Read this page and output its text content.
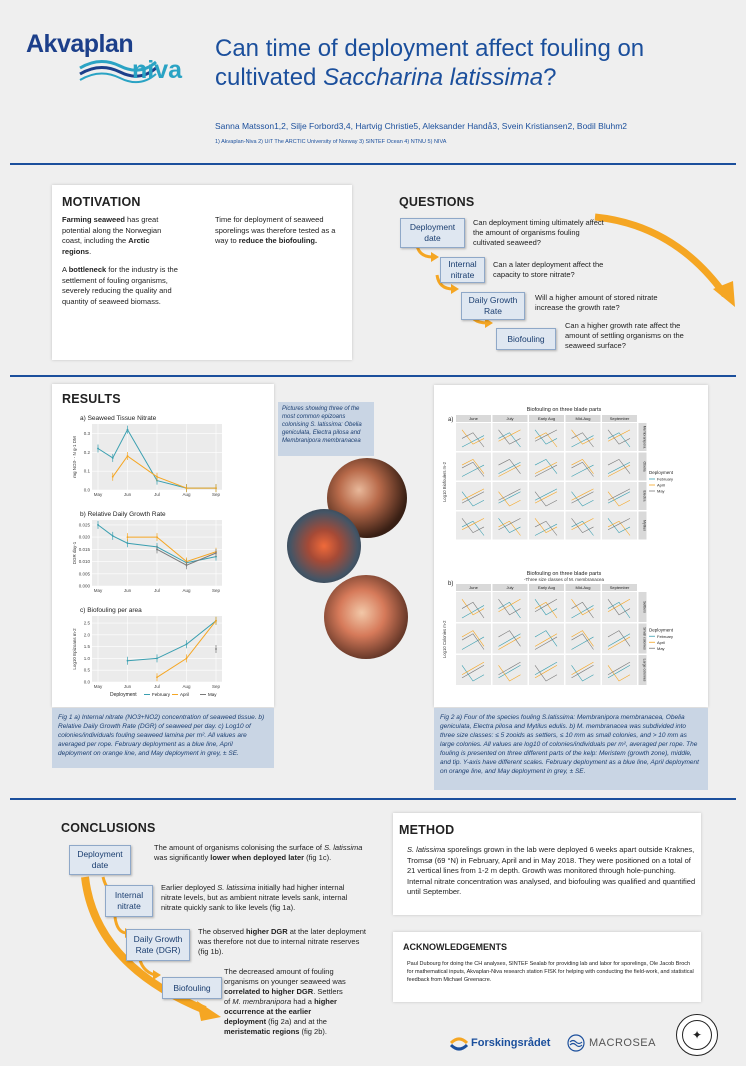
Akvaplan
niva
Can time of deployment affect fouling on
cultivated Saccharina latissima?
Sanna Matsson1,2, Silje Forbord3,4, Hartvig Christie5, Aleksander Handå3, Svein Kristiansen2, Bodil Bluhm2
1) Akvaplan-Niva 2) UiT The ARCTIC University of Norway 3) SINTEF Ocean 4) NTNU 5) NIVA
MOTIVATION

Farming seaweed has great potential along the Norwegian coast, including the Arctic regions.

A bottleneck for the industry is the settlement of fouling organisms, severely reducing the quality and quantity of seaweed biomass.

Time for deployment of seaweed sporelings was therefore tested as a way to reduce the biofouling.
QUESTIONS
Deployment date
Can deployment timing ultimately affect the amount of organisms fouling cultivated seaweed?
Internal nitrate
Can a later deployment affect the capacity to store nitrate?
Daily Growth Rate
Will a higher amount of stored nitrate increase the growth rate?
Biofouling
Can a higher growth rate affect the amount of settling organisms on the seaweed surface?
RESULTS
a) Seaweed Tissue Nitrate
0.0
0.1
0.2
0.3
May	Jun	Jul	Aug	Sep
mg NO3- - N g-1 DM
b) Relative Daily Growth Rate
0.000
0.005
0.010
0.015
0.020
0.025
May	Jun	Jul	Aug	Sep
DGR day-1
c) Biofouling per area
0.0
0.5
1.0
1.5
2.0
2.5
May	Jun	Jul	Aug	Sep
Log10 Epizoans m-2
Deployment	February April	May
Fig 1 a) Internal nitrate (NO3+NO2) concentration of seaweed tissue. b) Relative Daily Growth Rate (DGR) of seaweed per day. c) Log10 of colonies/individuals fouling seaweed lamina per m². All values are averaged per rope. February deployment as a blue line, April deployment on orange line, and May deployment in grey, ± SE.
Pictures showing three of the most common epizoans colonising S. latissima: Obelia geniculata, Electra pilosa and Membranipora membranacea
a)
Biofouling on three blade parts
June	July	Early Aug	Mid-Aug	September
Membranipora
Obelia
Electra
Mytilus
Log10 Biofoulers m-2	Deployment
February
April
May
b)
Biofouling on three blade parts
-Three size classes of M. membranacea
June	July	Early Aug	Mid-Aug	September
Settlers
Small colonies
Large colonies
Log10 Colonies m-2	Deployment
February
April
May
Fig 2 a) Four of the species fouling S.latissima: Membranipora membranacea, Obelia geniculata, Electra pilosa and Mytilus edulis. b) M. membranacea was subdivided into three size classes: ≤ 5 zooids as settlers, ≤ 10 mm as small colonies, and > 10 mm as large colonies. All values are log10 of colonies/individuals per m², averaged per rope. The fouling is presented on three different parts of the kelp: Meristem (growth zone), middle, and tip. Y-axis have different scales. February deployment as a blue line, April deployment on orange line, and May deployment in grey, ± SE.
CONCLUSIONS
Deployment date
The amount of organisms colonising the surface of S. latissima was significantly lower when deployed later (fig 1c).
Internal nitrate
Earlier deployed S. latissima initially had higher internal nitrate levels, but as ambient nitrate levels sank, internal nitrate quickly sank to like levels (fig 1a).
Daily Growth Rate (DGR)
The observed higher DGR at the later deployment was therefore not due to internal nitrate reserves (fig 1b).
Biofouling
The decreased amount of fouling organisms on younger seaweed was correlated to higher DGR. Settlers of M. membranipora had a higher occurrence at the earlier deployment (fig 2a) and at the meristematic regions (fig 2b).
METHOD
S. latissima sporelings grown in the lab were deployed 6 weeks apart outside Kraknes, Tromsø (69 °N) in February, April and in May 2018. They were positioned on a total of 21 vertical lines from 1-2 m depth. Growth was monitored through hole-punching. Internal nitrate concentration was analysed, and biofouling was qualified and quantified until September.
ACKNOWLEDGEMENTS
Paul Dubourg for doing the CH analyses, SINTEF Sealab for providing lab and labor for sporelings, Ole Jacob Broch for mathematical inputs, Akvaplan-Niva research station FISK for helping with conducting the field-work, and statistical feedback from Michael Greenacre.
Forskingsrådet	MACROSEA
✦
